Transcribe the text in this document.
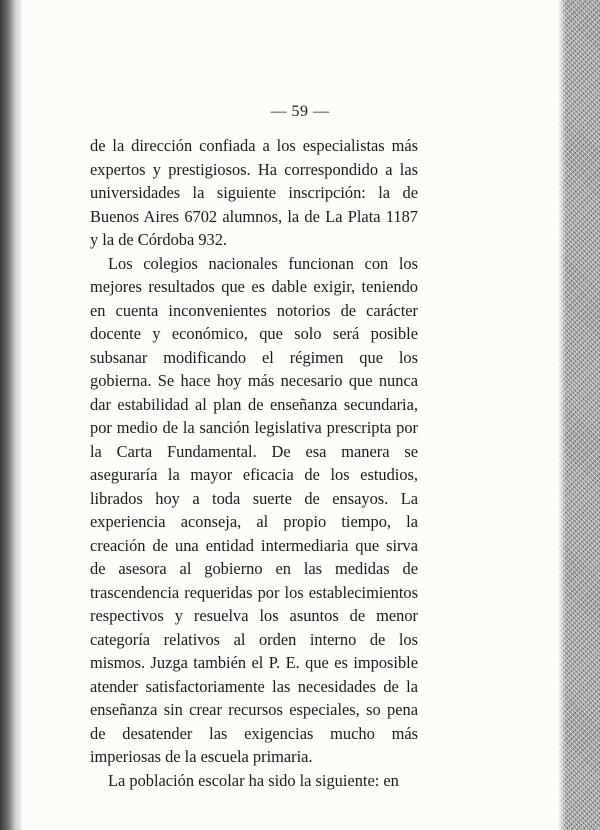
— 59 —

de la dirección confiada a los especialistas más expertos y prestigiosos. Ha correspondido a las universidades la siguiente inscripción: la de Buenos Aires 6702 alumnos, la de La Plata 1187 y la de Córdoba 932.

Los colegios nacionales funcionan con los mejores resultados que es dable exigir, teniendo en cuenta inconvenientes notorios de carácter docente y económico, que solo será posible subsanar modificando el régimen que los gobierna. Se hace hoy más necesario que nunca dar estabilidad al plan de enseñanza secundaria, por medio de la sanción legislativa prescripta por la Carta Fundamental. De esa manera se aseguraría la mayor eficacia de los estudios, librados hoy a toda suerte de ensayos. La experiencia aconseja, al propio tiempo, la creación de una entidad intermediaria que sirva de asesora al gobierno en las medidas de trascendencia requeridas por los establecimientos respectivos y resuelva los asuntos de menor categoría relativos al orden interno de los mismos. Juzga también el P. E. que es imposible atender satisfactoriamente las necesidades de la enseñanza sin crear recursos especiales, so pena de desatender las exigencias mucho más imperiosas de la escuela primaria.

La población escolar ha sido la siguiente: en
